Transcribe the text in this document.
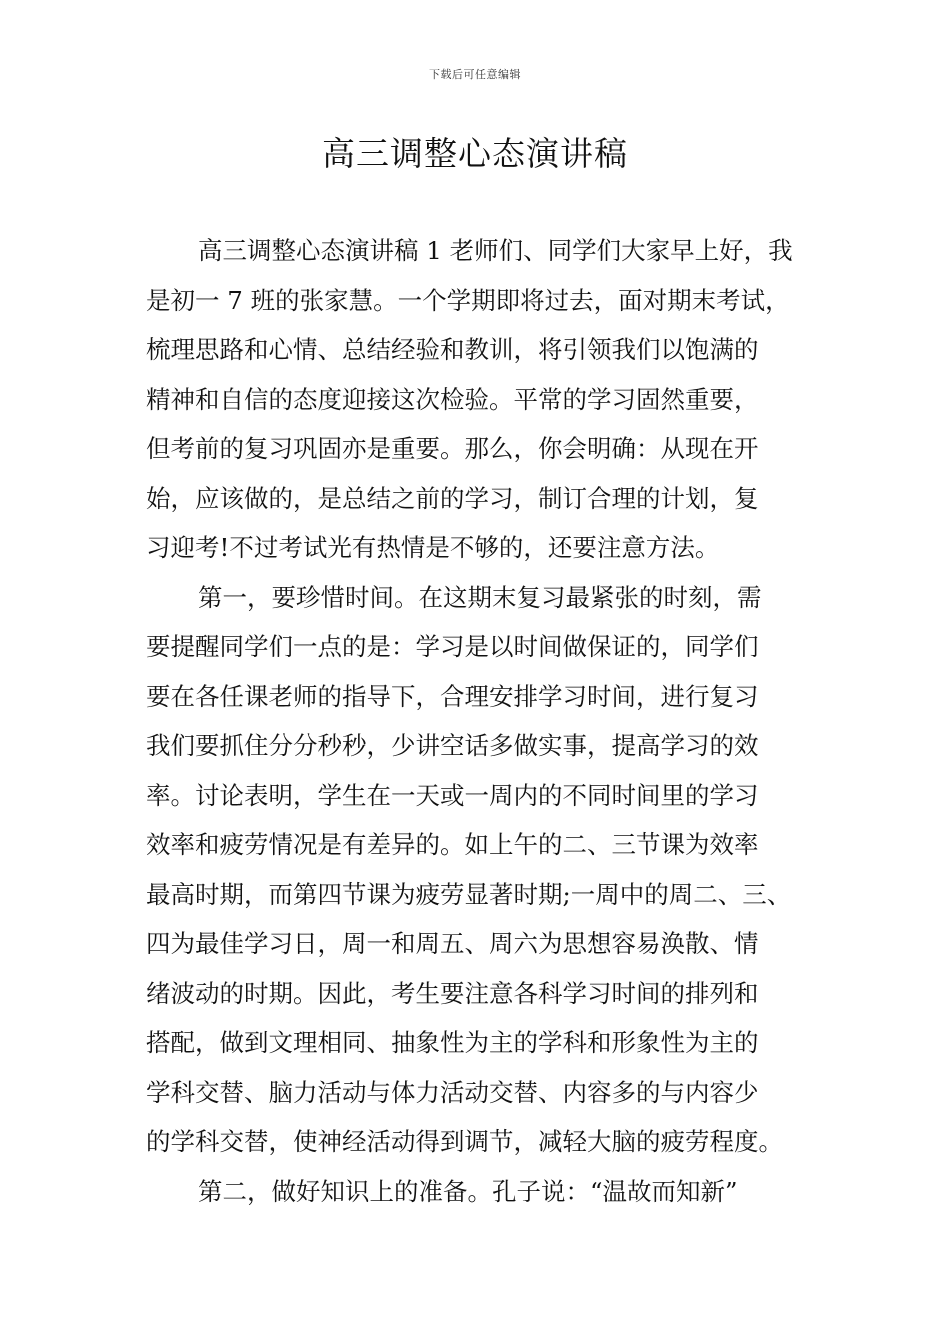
下载后可任意编辑
高三调整心态演讲稿
高三调整心态演讲稿 1 老师们、同学们大家早上好，我
是初一 7 班的张家慧。一个学期即将过去，面对期末考试，
梳理思路和心情、总结经验和教训，将引领我们以饱满的
精神和自信的态度迎接这次检验。平常的学习固然重要，
但考前的复习巩固亦是重要。那么，你会明确：从现在开
始，应该做的，是总结之前的学习，制订合理的计划，复
习迎考!不过考试光有热情是不够的，还要注意方法。
第一，要珍惜时间。在这期末复习最紧张的时刻，需
要提醒同学们一点的是：学习是以时间做保证的，同学们
要在各任课老师的指导下，合理安排学习时间，进行复习
我们要抓住分分秒秒，少讲空话多做实事，提高学习的效
率。讨论表明，学生在一天或一周内的不同时间里的学习
效率和疲劳情况是有差异的。如上午的二、三节课为效率
最高时期，而第四节课为疲劳显著时期;一周中的周二、三、
四为最佳学习日，周一和周五、周六为思想容易涣散、情
绪波动的时期。因此，考生要注意各科学习时间的排列和
搭配，做到文理相同、抽象性为主的学科和形象性为主的
学科交替、脑力活动与体力活动交替、内容多的与内容少
的学科交替，使神经活动得到调节，减轻大脑的疲劳程度。
第二，做好知识上的准备。孔子说：“温故而知新”
